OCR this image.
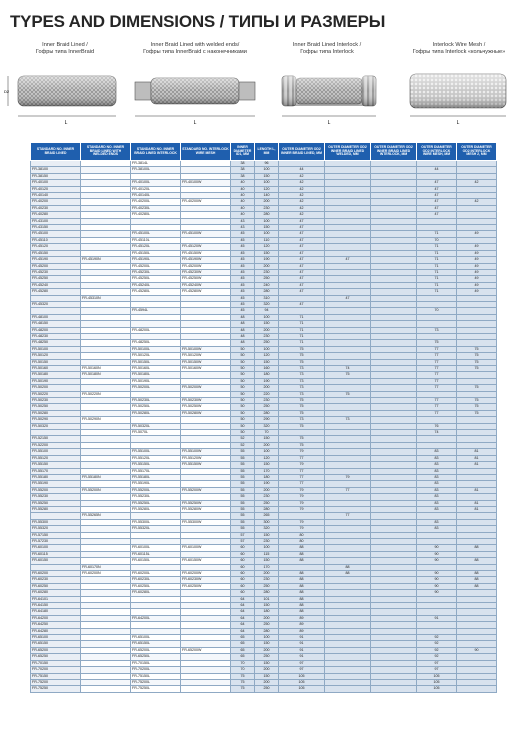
TYPES AND DIMENSIONS / ТИПЫ И РАЗМЕРЫ
Inner Braid Lined /
Гофры типа InnerBraid
L
D2
Inner Braid Lined with welded ends/
Гофры типа InnerBraid с наконечниками
L
Inner Braid Lined Interlock /
Гофры типа Interlock
L
Interlock Wire Mesh /
Гофры типа Interlock «кольчужные»
L
STANDARD NO. INNER BRAID LINED	STANDARD NO. INNER BRAID LINED WITH WELDED ENDS	STANDARD NO. INNER BRAID LINED INTERLOCK	STANDARD NO. INTERLOCK WIRE MESH	INNER DIAMETER ID1, MM	LENGTH L, MM	OUTER DIAMETER OD2 INNER BRAID LINED, MM	OUTER DIAMETER OD2 INNER BRAID LINED WELDED, MM	OUTER DIAMETER OD2 INNER BRAID LINED INTERLOCK, MM	OUTER DIAMETER OD2 INTERLOCK WIRE MESH, MM	OUTER DIAMETER OD2 INTERLOCK MESH 2, MM
		FR-3814L		38	96					
FR-38100		FR-38100L		38	100	44			44	
FR-38150				38	150	42				
FR-40100		FR-40100L	FR-40100W	40	100	42			47	42
FR-40120		FR-40120L		40	120	42			47	
FR-40140		FR-40140L		40	140	42			47	
FR-40200		FR-40200L	FR-40200W	40	200	42			47	42
FR-40230		FR-40230L		40	230	42			47	
FR-40280		FR-40280L		40	280	42			47	
FR-43100				43	100	47				
FR-43150				43	150	47				
FR-45100		FR-45100L	FR-45100W	45	100	47			71	49
FR-45110		FR-45110L		45	110	47			70	
FR-45120		FR-45120L	FR-45120W	45	120	47			71	49
FR-45150		FR-45150L	FR-45150W	45	150	47			71	49
FR-45190	FR-45190N	FR-45190L	FR-45190W	45	190	47	47		71	49
FR-45200		FR-45200L	FR-45200W	45	200	47			71	49
FR-45230		FR-45230L	FR-45230W	45	230	47			71	49
FR-45250		FR-45250L	FR-45250W	45	250	47			71	49
FR-45240		FR-45240L	FR-45240W	45	240	47			71	49
FR-45280		FR-45280L	FR-45280W	45	280	47			71	49
	FR-45310N			45	310		47			
FR-45320				45	320	47				
		FR-4594L		45	94				70	
FR-48100				48	100	71				
FR-48150				48	150	71				
FR-48200		FR-48200L		48	200	71			73	
FR-48230				48	230	71				
FR-48250		FR-48250L		48	250	71			75	
FR-50100		FR-50100L	FR-50100W	50	100	75			77	75
FR-50120		FR-50120L	FR-50120W	50	120	75			77	75
FR-50150		FR-50150L	FR-50150W	50	150	75			77	75
FR-50160	FR-50160N	FR-50160L	FR-50160W	50	160	73	74		77	75
FR-50180	FR-50180N	FR-50180L		50	180	73	75		77	
FR-50190		FR-50190L		50	190	73			77	
FR-50200		FR-50200L	FR-50200W	50	200	73			77	75
FR-50220	FR-50220N			50	220	73	75			
FR-50230		FR-50230L	FR-50230W	50	230	75			77	75
FR-50250		FR-50250L	FR-50250W	50	250	75			77	75
FR-50280		FR-50280L	FR-50280W	50	280	75			77	75
FR-50290	FR-50290N			50	290	73	73			
FR-50320		FR-50320L		50	320	75			76	
		FR-5070L		50	70				74	
FR-52150				52	150	75				
FR-52200				52	200	75				
FR-55100		FR-55100L	FR-55100W	55	100	79			83	81
FR-55120		FR-55120L	FR-55120W	55	120	77			83	81
FR-55150		FR-55150L	FR-55150W	55	150	79			83	81
FR-55170		FR-55170L		55	170	77			83	
FR-55180	FR-55180N	FR-55180L		55	180	77	79		83	
FR-55190		FR-55190L		55	190	77			83	
FR-55200	FR-55200N	FR-55200L	FR-55200W	55	200	79	77		83	81
FR-55230		FR-55230L		55	230	79			83	
FR-55250		FR-55250L	FR-55250W	55	250	79			83	81
FR-55280		FR-55280L	FR-55280W	55	280	79			83	81
	FR-55265N			55	265		77			
FR-55300		FR-55300L	FR-55300W	55	300	79			83	
FR-55320		FR-55320L		55	320	79			83	
FR-57150				57	150	80				
FR-57230				57	230	80				
FR-60100		FR-60100L	FR-60100W	60	100	88			90	88
FR-60115		FR-60115L		60	115	88			90	
FR-60150		FR-60150L	FR-60150W	60	150	88			90	88
	FR-60170N			60	170		88			
FR-60200	FR-60200N	FR-60200L	FR-60200W	60	200	88	88		90	88
FR-60230		FR-60230L	FR-60230W	60	230	88			90	88
FR-60250		FR-60250L	FR-60250W	60	250	88			90	88
FR-60280		FR-60280L		60	280	88			90	
FR-64101				64	101	88				
FR-64150				64	150	88				
FR-64180				64	180	88				
FR-64200		FR-64200L		64	200	89			91	
FR-64250				64	250	89				
FR-64280				64	280	89				
FR-65100		FR-65100L		65	100	91			92	
FR-65150		FR-65150L		65	150	91			92	
FR-65200		FR-65200L	FR-65200W	65	200	91			92	90
FR-65250		FR-65250L		65	250	91			92	
FR-70150		FR-70150L		70	150	97			97	
FR-70200		FR-70200L		70	200	97			97	
FR-75150		FR-75150L		75	150	105			105	
FR-75200		FR-75200L		75	200	105			105	
FR-75250		FR-75250L		75	250	105			105	
